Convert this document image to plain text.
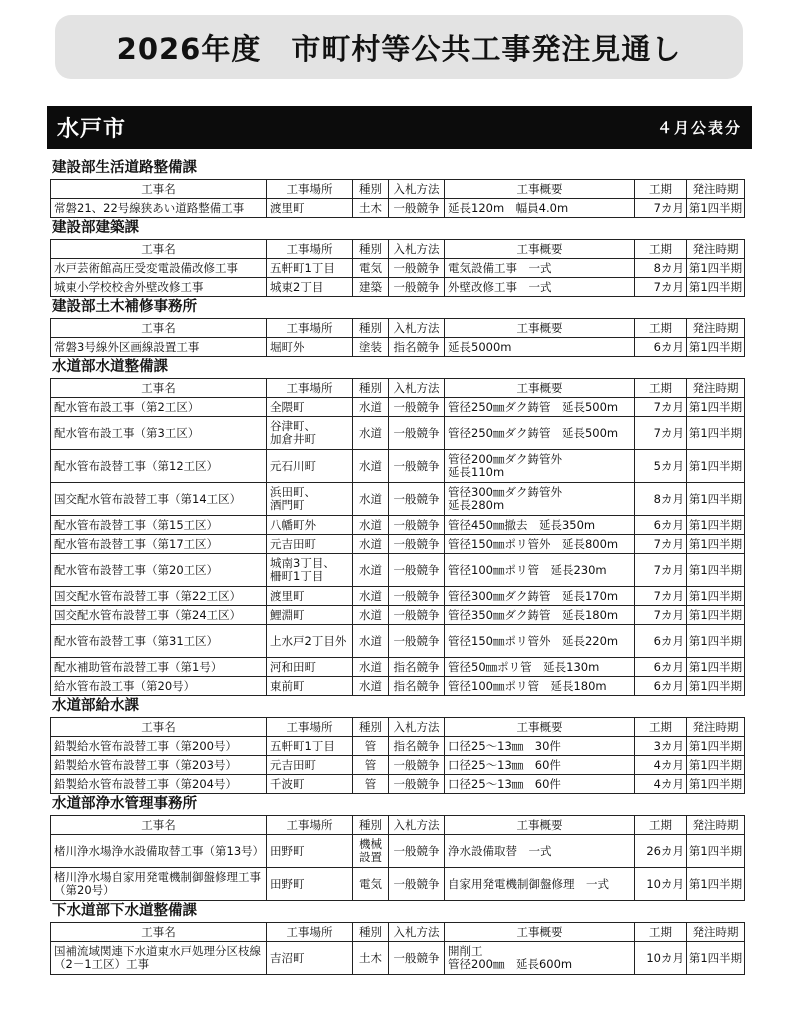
2026年度　市町村等公共工事発注見通し
水戸市	４月公表分
建設部生活道路整備課
工事名	工事場所	種別	入札方法	工事概要	工期	発注時期
常磐21、22号線狭あい道路整備工事	渡里町	土木	一般競争	延長120m　幅員4.0m	7カ月	第1四半期
建設部建築課
工事名	工事場所	種別	入札方法	工事概要	工期	発注時期
水戸芸術館高圧受変電設備改修工事	五軒町1丁目	電気	一般競争	電気設備工事　一式	8カ月	第1四半期
城東小学校校舎外壁改修工事	城東2丁目	建築	一般競争	外壁改修工事　一式	7カ月	第1四半期
建設部土木補修事務所
工事名	工事場所	種別	入札方法	工事概要	工期	発注時期
常磐3号線外区画線設置工事	堀町外	塗装	指名競争	延長5000m	6カ月	第1四半期
水道部水道整備課
工事名	工事場所	種別	入札方法	工事概要	工期	発注時期
配水管布設工事（第2工区）	全隈町	水道	一般競争	管径250㎜ダク鋳管　延長500m	7カ月	第1四半期
配水管布設工事（第3工区）	谷津町、
加倉井町	水道	一般競争	管径250㎜ダク鋳管　延長500m	7カ月	第1四半期
配水管布設替工事（第12工区）	元石川町	水道	一般競争	管径200㎜ダク鋳管外
延長110m	5カ月	第1四半期
国交配水管布設替工事（第14工区）	浜田町、
酒門町	水道	一般競争	管径300㎜ダク鋳管外
延長280m	8カ月	第1四半期
配水管布設替工事（第15工区）	八幡町外	水道	一般競争	管径450㎜撤去　延長350m	6カ月	第1四半期
配水管布設替工事（第17工区）	元吉田町	水道	一般競争	管径150㎜ポリ管外　延長800m	7カ月	第1四半期
配水管布設替工事（第20工区）	城南3丁目、
柵町1丁目	水道	一般競争	管径100㎜ポリ管　延長230m	7カ月	第1四半期
国交配水管布設替工事（第22工区）	渡里町	水道	一般競争	管径300㎜ダク鋳管　延長170m	7カ月	第1四半期
国交配水管布設替工事（第24工区）	鯉淵町	水道	一般競争	管径350㎜ダク鋳管　延長180m	7カ月	第1四半期
配水管布設替工事（第31工区）	上水戸2丁目外	水道	一般競争	管径150㎜ポリ管外　延長220m	6カ月	第1四半期
配水補助管布設替工事（第1号）	河和田町	水道	指名競争	管径50㎜ポリ管　延長130m	6カ月	第1四半期
給水管布設工事（第20号）	東前町	水道	指名競争	管径100㎜ポリ管　延長180m	6カ月	第1四半期
水道部給水課
工事名	工事場所	種別	入札方法	工事概要	工期	発注時期
鉛製給水管布設替工事（第200号）	五軒町1丁目	管	指名競争	口径25～13㎜　30件	3カ月	第1四半期
鉛製給水管布設替工事（第203号）	元吉田町	管	一般競争	口径25～13㎜　60件	4カ月	第1四半期
鉛製給水管布設替工事（第204号）	千波町	管	一般競争	口径25～13㎜　60件	4カ月	第1四半期
水道部浄水管理事務所
工事名	工事場所	種別	入札方法	工事概要	工期	発注時期
楮川浄水場浄水設備取替工事（第13号）	田野町	機械
設置	一般競争	浄水設備取替　一式	26カ月	第1四半期
楮川浄水場自家用発電機制御盤修理工事（第20号）	田野町	電気	一般競争	自家用発電機制御盤修理　一式	10カ月	第1四半期
下水道部下水道整備課
工事名	工事場所	種別	入札方法	工事概要	工期	発注時期
国補流域関連下水道東水戸処理分区枝線（2－1工区）工事	吉沼町	土木	一般競争	開削工
管径200㎜　延長600m	10カ月	第1四半期
